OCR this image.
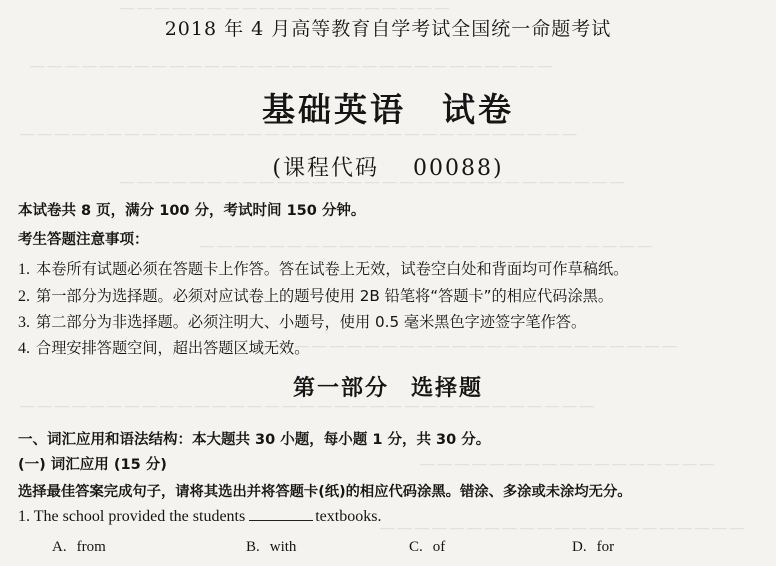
— — — — — — — — — — — — — — — — — — —
— — — — — — — — — — — — — — — — — — — — — — — — — — — — — —
— — — — — — — — — — — — — — — — — — — — — — — — — — — — — — — —
— — — — — — — — — — — — — — — — — — — — — — — — — — — — —
— — — — — — — — — — — — — — — — — — — — — — — — — —
— — — — — — — — — — — — — — — — — — — — — — — —
— — — — — — — — — — — — — — — — — — — — — — — — — — — — — — — — —
— — — — — — — — — — — — — — — — —
— — — — — — — — — — — — — — — — — — — — —
2018 年 4 月高等教育自学考试全国统一命题考试
基础英语 试卷
(课程代码 00088)
本试卷共 8 页，满分 100 分，考试时间 150 分钟。
考生答题注意事项：
1. 本卷所有试题必须在答题卡上作答。答在试卷上无效，试卷空白处和背面均可作草稿纸。
2. 第一部分为选择题。必须对应试卷上的题号使用 2B 铅笔将“答题卡”的相应代码涂黑。
3. 第二部分为非选择题。必须注明大、小题号，使用 0.5 毫米黑色字迹签字笔作答。
4. 合理安排答题空间，超出答题区域无效。
第一部分 选择题
一、词汇应用和语法结构：本大题共 30 小题，每小题 1 分，共 30 分。
(一) 词汇应用 (15 分)
选择最佳答案完成句子，请将其选出并将答题卡(纸)的相应代码涂黑。错涂、多涂或未涂均无分。
1. The school provided the students	textbooks.
A. from	B. with	C. of	D. for
